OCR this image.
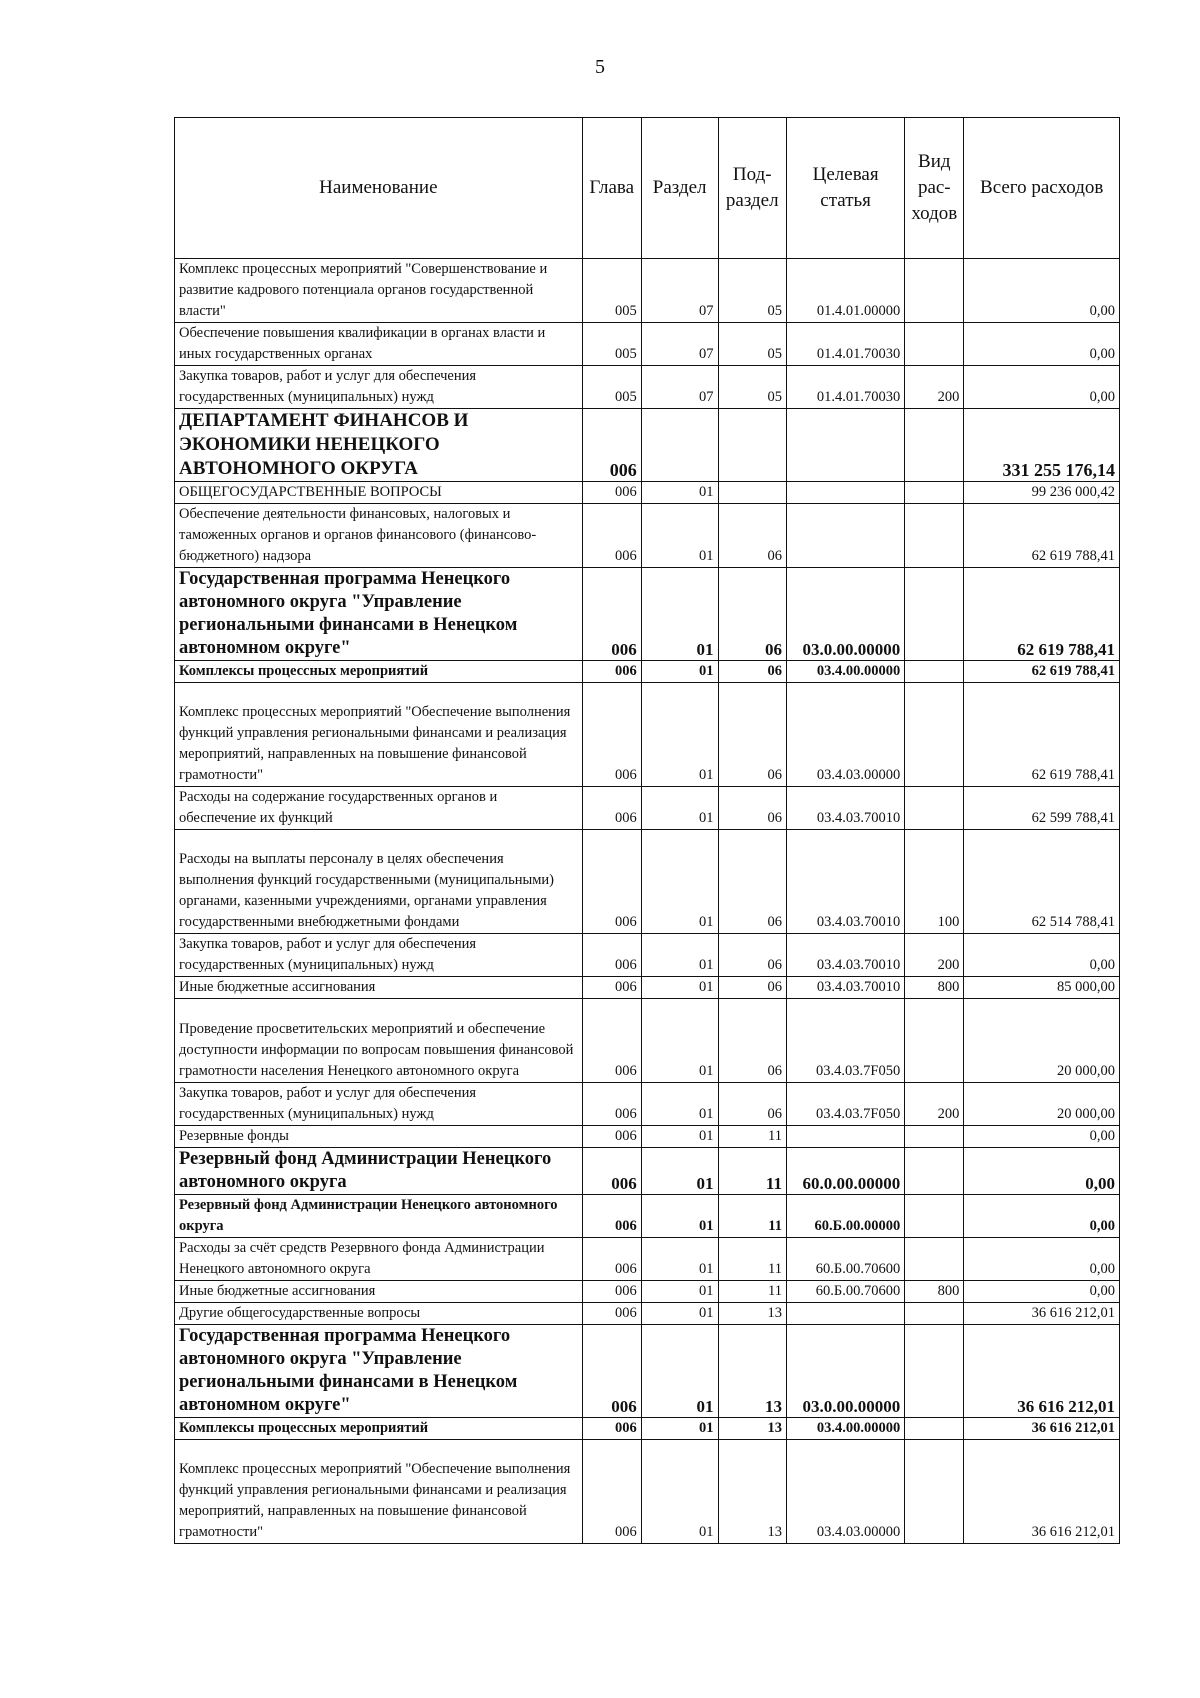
5
Наименование	Глава	Раздел	Под-раздел	Целевая статья	Вид рас-ходов	Всего расходов
Комплекс процессных мероприятий "Совершенствование и развитие кадрового потенциала органов государственной власти"	005	07	05	01.4.01.00000		0,00
Обеспечение повышения квалификации в органах власти и иных государственных органах	005	07	05	01.4.01.70030		0,00
Закупка товаров, работ и услуг для обеспечения государственных (муниципальных) нужд	005	07	05	01.4.01.70030	200	0,00
ДЕПАРТАМЕНТ ФИНАНСОВ И ЭКОНОМИКИ НЕНЕЦКОГО АВТОНОМНОГО ОКРУГА	006					331 255 176,14
ОБЩЕГОСУДАРСТВЕННЫЕ ВОПРОСЫ	006	01				99 236 000,42
Обеспечение деятельности финансовых, налоговых и таможенных органов и органов финансового (финансово-бюджетного) надзора	006	01	06			62 619 788,41
Государственная программа Ненецкого автономного округа "Управление региональными финансами в Ненецком автономном округе"	006	01	06	03.0.00.00000		62 619 788,41
Комплексы процессных мероприятий	006	01	06	03.4.00.00000		62 619 788,41
Комплекс процессных мероприятий "Обеспечение выполнения функций управления региональными финансами и реализация мероприятий, направленных на повышение финансовой грамотности"	006	01	06	03.4.03.00000		62 619 788,41
Расходы на содержание государственных органов и обеспечение их функций	006	01	06	03.4.03.70010		62 599 788,41
Расходы на выплаты персоналу в целях обеспечения выполнения функций государственными (муниципальными) органами, казенными учреждениями, органами управления государственными внебюджетными фондами	006	01	06	03.4.03.70010	100	62 514 788,41
Закупка товаров, работ и услуг для обеспечения государственных (муниципальных) нужд	006	01	06	03.4.03.70010	200	0,00
Иные бюджетные ассигнования	006	01	06	03.4.03.70010	800	85 000,00
Проведение просветительских мероприятий и обеспечение доступности информации по вопросам повышения финансовой грамотности населения Ненецкого автономного округа	006	01	06	03.4.03.7F050		20 000,00
Закупка товаров, работ и услуг для обеспечения государственных (муниципальных) нужд	006	01	06	03.4.03.7F050	200	20 000,00
Резервные фонды	006	01	11			0,00
Резервный фонд Администрации Ненецкого автономного округа	006	01	11	60.0.00.00000		0,00
Резервный фонд Администрации Ненецкого автономного округа	006	01	11	60.Б.00.00000		0,00
Расходы за счёт средств Резервного фонда Администрации Ненецкого автономного округа	006	01	11	60.Б.00.70600		0,00
Иные бюджетные ассигнования	006	01	11	60.Б.00.70600	800	0,00
Другие общегосударственные вопросы	006	01	13			36 616 212,01
Государственная программа Ненецкого автономного округа "Управление региональными финансами в Ненецком автономном округе"	006	01	13	03.0.00.00000		36 616 212,01
Комплексы процессных мероприятий	006	01	13	03.4.00.00000		36 616 212,01
Комплекс процессных мероприятий "Обеспечение выполнения функций управления региональными финансами и реализация мероприятий, направленных на повышение финансовой грамотности"	006	01	13	03.4.03.00000		36 616 212,01
